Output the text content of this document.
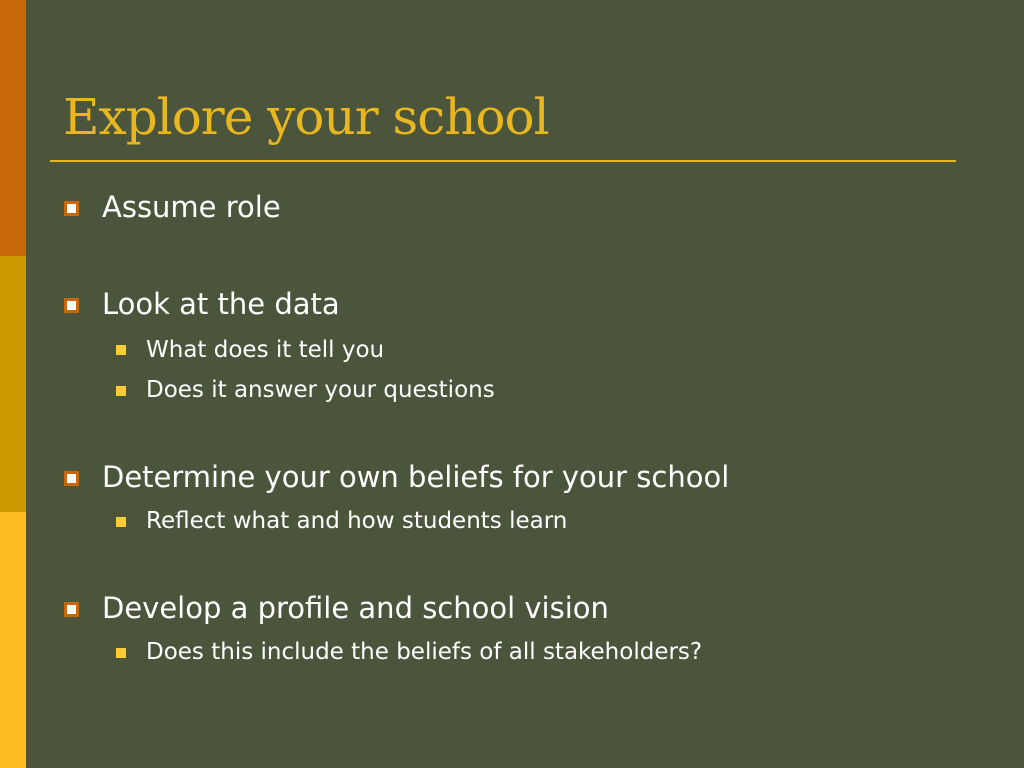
Explore your school
Assume role
Look at the data
What does it tell you
Does it answer your questions
Determine your own beliefs for your school
Reflect what and how students learn
Develop a profile and school vision
Does this include the beliefs of all stakeholders?
